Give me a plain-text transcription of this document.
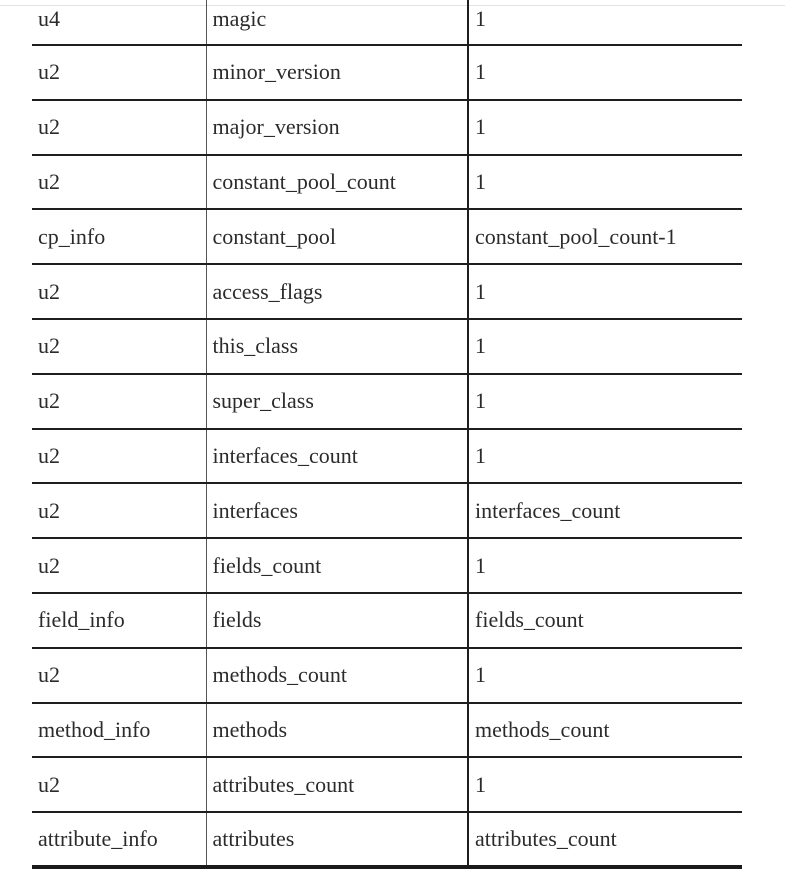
u4	magic	1
u2	minor_version	1
u2	major_version	1
u2	constant_pool_count	1
cp_info	constant_pool	constant_pool_count-1
u2	access_flags	1
u2	this_class	1
u2	super_class	1
u2	interfaces_count	1
u2	interfaces	interfaces_count
u2	fields_count	1
field_info	fields	fields_count
u2	methods_count	1
method_info	methods	methods_count
u2	attributes_count	1
attribute_info	attributes	attributes_count
